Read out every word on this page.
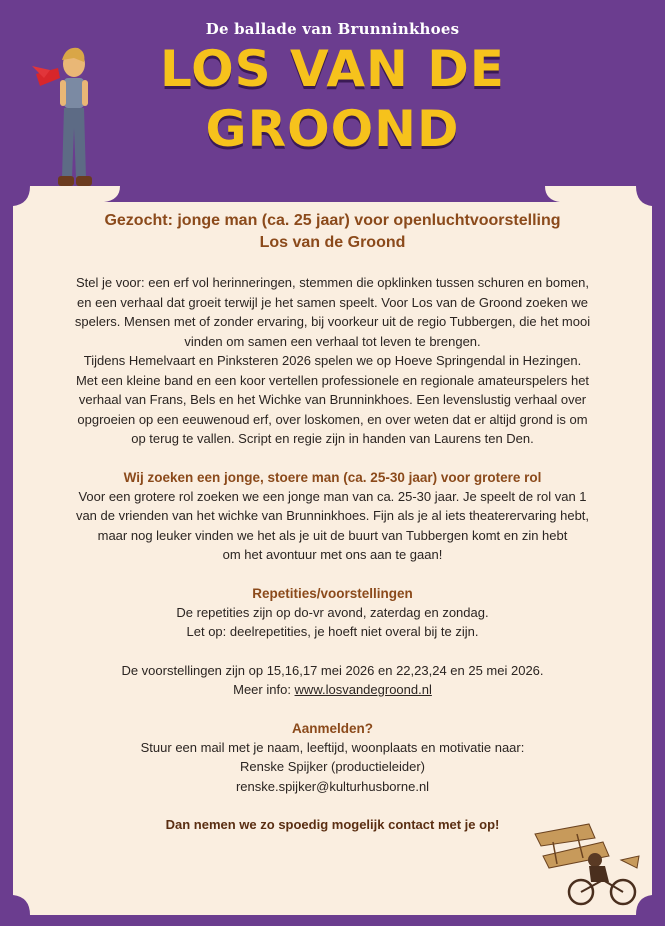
De ballade van Brunninkhoes
LOS VAN DE
GROOND
Gezocht: jonge man (ca. 25 jaar) voor openluchtvoorstelling
Los van de Groond

Stel je voor: een erf vol herinneringen, stemmen die opklinken tussen schuren en bomen,

en een verhaal dat groeit terwijl je het samen speelt. Voor Los van de Groond zoeken we

spelers. Mensen met of zonder ervaring, bij voorkeur uit de regio Tubbergen, die het mooi

vinden om samen een verhaal tot leven te brengen.

Tijdens Hemelvaart en Pinksteren 2026 spelen we op Hoeve Springendal in Hezingen.

Met een kleine band en een koor vertellen professionele en regionale amateurspelers het

verhaal van Frans, Bels en het Wichke van Brunninkhoes. Een levenslustig verhaal over

opgroeien op een eeuwenoud erf, over loskomen, en over weten dat er altijd grond is om

op terug te vallen. Script en regie zijn in handen van Laurens ten Den.

Wij zoeken een jonge, stoere man (ca. 25-30 jaar) voor grotere rol

Voor een grotere rol zoeken we een jonge man van ca. 25-30 jaar. Je speelt de rol van 1

van de vrienden van het wichke van Brunninkhoes. Fijn als je al iets theaterervaring hebt,

maar nog leuker vinden we het als je uit de buurt van Tubbergen komt en zin hebt

om het avontuur met ons aan te gaan!

Repetities/voorstellingen

De repetities zijn op do-vr avond, zaterdag en zondag.

Let op: deelrepetities, je hoeft niet overal bij te zijn.

De voorstellingen zijn op 15,16,17 mei 2026 en 22,23,24 en 25 mei 2026.

Meer info: www.losvandegroond.nl

Aanmelden?

Stuur een mail met je naam, leeftijd, woonplaats en motivatie naar:

Renske Spijker (productieleider)

renske.spijker@kulturhusborne.nl

Dan nemen we zo spoedig mogelijk contact met je op!
